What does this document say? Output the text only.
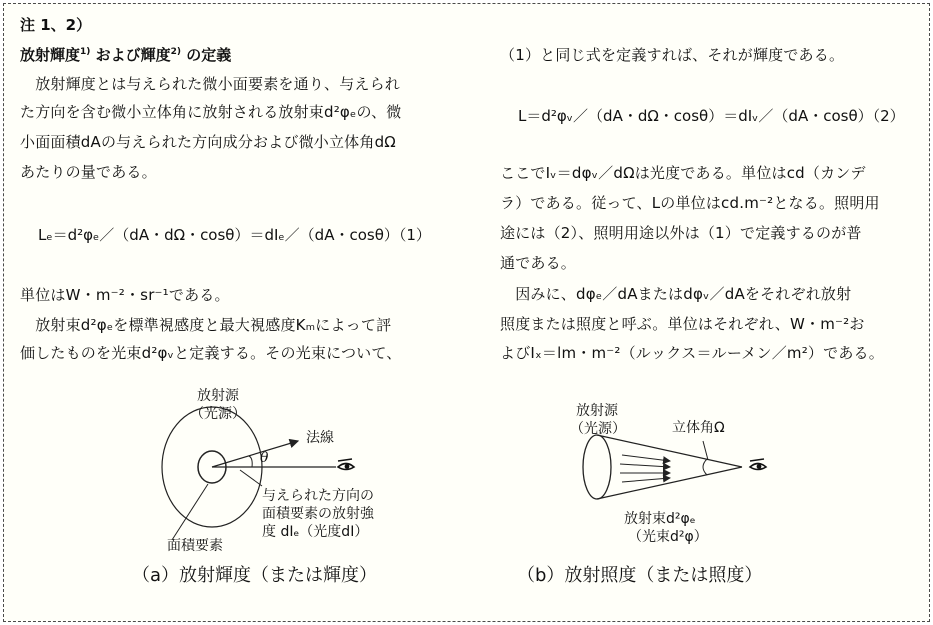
注 1、2）
放射輝度$^{1)}$ および輝度$^{2)}$ の定義
　放射輝度とは与えられた微小面要素を通り、与えられ
た方向を含む微小立体角に放射される放射束d²φₑの、微
小面面積dAの与えられた方向成分および微小立体角dΩ
あたりの量である。
Lₑ＝d²φₑ／（dA・dΩ・cosθ）＝dIₑ／（dA・cosθ）（1）
単位はW・m⁻²・sr⁻¹である。
　放射束d²φₑを標準視感度と最大視感度Kₘによって評
価したものを光束d²φᵥと定義する。その光束について、
（1）と同じ式を定義すれば、それが輝度である。
L＝d²φᵥ／（dA・dΩ・cosθ）＝dIᵥ／（dA・cosθ）（2）
ここでIᵥ＝dφᵥ／dΩは光度である。単位はcd（カンデ
ラ）である。従って、Lの単位はcd.m⁻²となる。照明用
途には（2）、照明用途以外は（1）で定義するのが普
通である。
　因みに、dφₑ／dAまたはdφᵥ／dAをそれぞれ放射
照度または照度と呼ぶ。単位はそれぞれ、W・m⁻²お
よびIₓ＝lm・m⁻²（ルックス＝ルーメン／m²）である。
放射源
（光源）
法線
θ
与えられた方向の
面積要素の放射強
度 dIₑ（光度dI）
面積要素
（a）放射輝度（または輝度）
放射源
（光源）	立体角Ω
放射束d²φₑ
（光束d²φ）
（b）放射照度（または照度）
